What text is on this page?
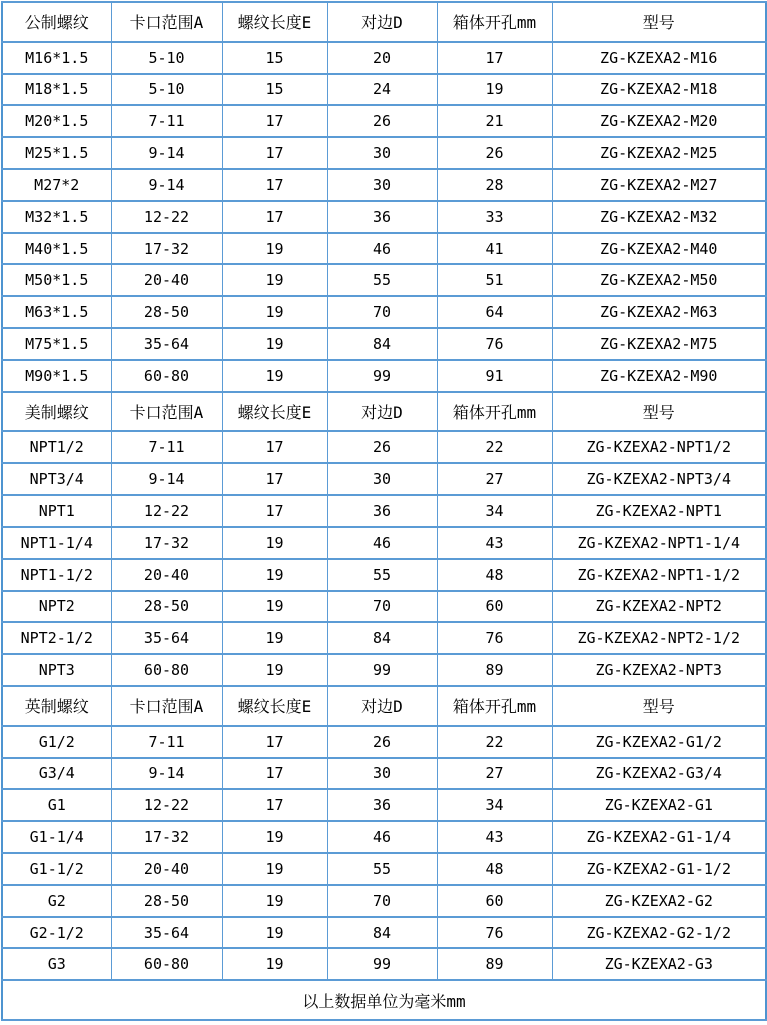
公制螺纹	卡口范围A	螺纹长度E	对边D	箱体开孔mm	型号
M16*1.5	5-10	15	20	17	ZG-KZEXA2-M16
M18*1.5	5-10	15	24	19	ZG-KZEXA2-M18
M20*1.5	7-11	17	26	21	ZG-KZEXA2-M20
M25*1.5	9-14	17	30	26	ZG-KZEXA2-M25
M27*2	9-14	17	30	28	ZG-KZEXA2-M27
M32*1.5	12-22	17	36	33	ZG-KZEXA2-M32
M40*1.5	17-32	19	46	41	ZG-KZEXA2-M40
M50*1.5	20-40	19	55	51	ZG-KZEXA2-M50
M63*1.5	28-50	19	70	64	ZG-KZEXA2-M63
M75*1.5	35-64	19	84	76	ZG-KZEXA2-M75
M90*1.5	60-80	19	99	91	ZG-KZEXA2-M90
美制螺纹	卡口范围A	螺纹长度E	对边D	箱体开孔mm	型号
NPT1/2	7-11	17	26	22	ZG-KZEXA2-NPT1/2
NPT3/4	9-14	17	30	27	ZG-KZEXA2-NPT3/4
NPT1	12-22	17	36	34	ZG-KZEXA2-NPT1
NPT1-1/4	17-32	19	46	43	ZG-KZEXA2-NPT1-1/4
NPT1-1/2	20-40	19	55	48	ZG-KZEXA2-NPT1-1/2
NPT2	28-50	19	70	60	ZG-KZEXA2-NPT2
NPT2-1/2	35-64	19	84	76	ZG-KZEXA2-NPT2-1/2
NPT3	60-80	19	99	89	ZG-KZEXA2-NPT3
英制螺纹	卡口范围A	螺纹长度E	对边D	箱体开孔mm	型号
G1/2	7-11	17	26	22	ZG-KZEXA2-G1/2
G3/4	9-14	17	30	27	ZG-KZEXA2-G3/4
G1	12-22	17	36	34	ZG-KZEXA2-G1
G1-1/4	17-32	19	46	43	ZG-KZEXA2-G1-1/4
G1-1/2	20-40	19	55	48	ZG-KZEXA2-G1-1/2
G2	28-50	19	70	60	ZG-KZEXA2-G2
G2-1/2	35-64	19	84	76	ZG-KZEXA2-G2-1/2
G3	60-80	19	99	89	ZG-KZEXA2-G3
以上数据单位为毫米mm					
